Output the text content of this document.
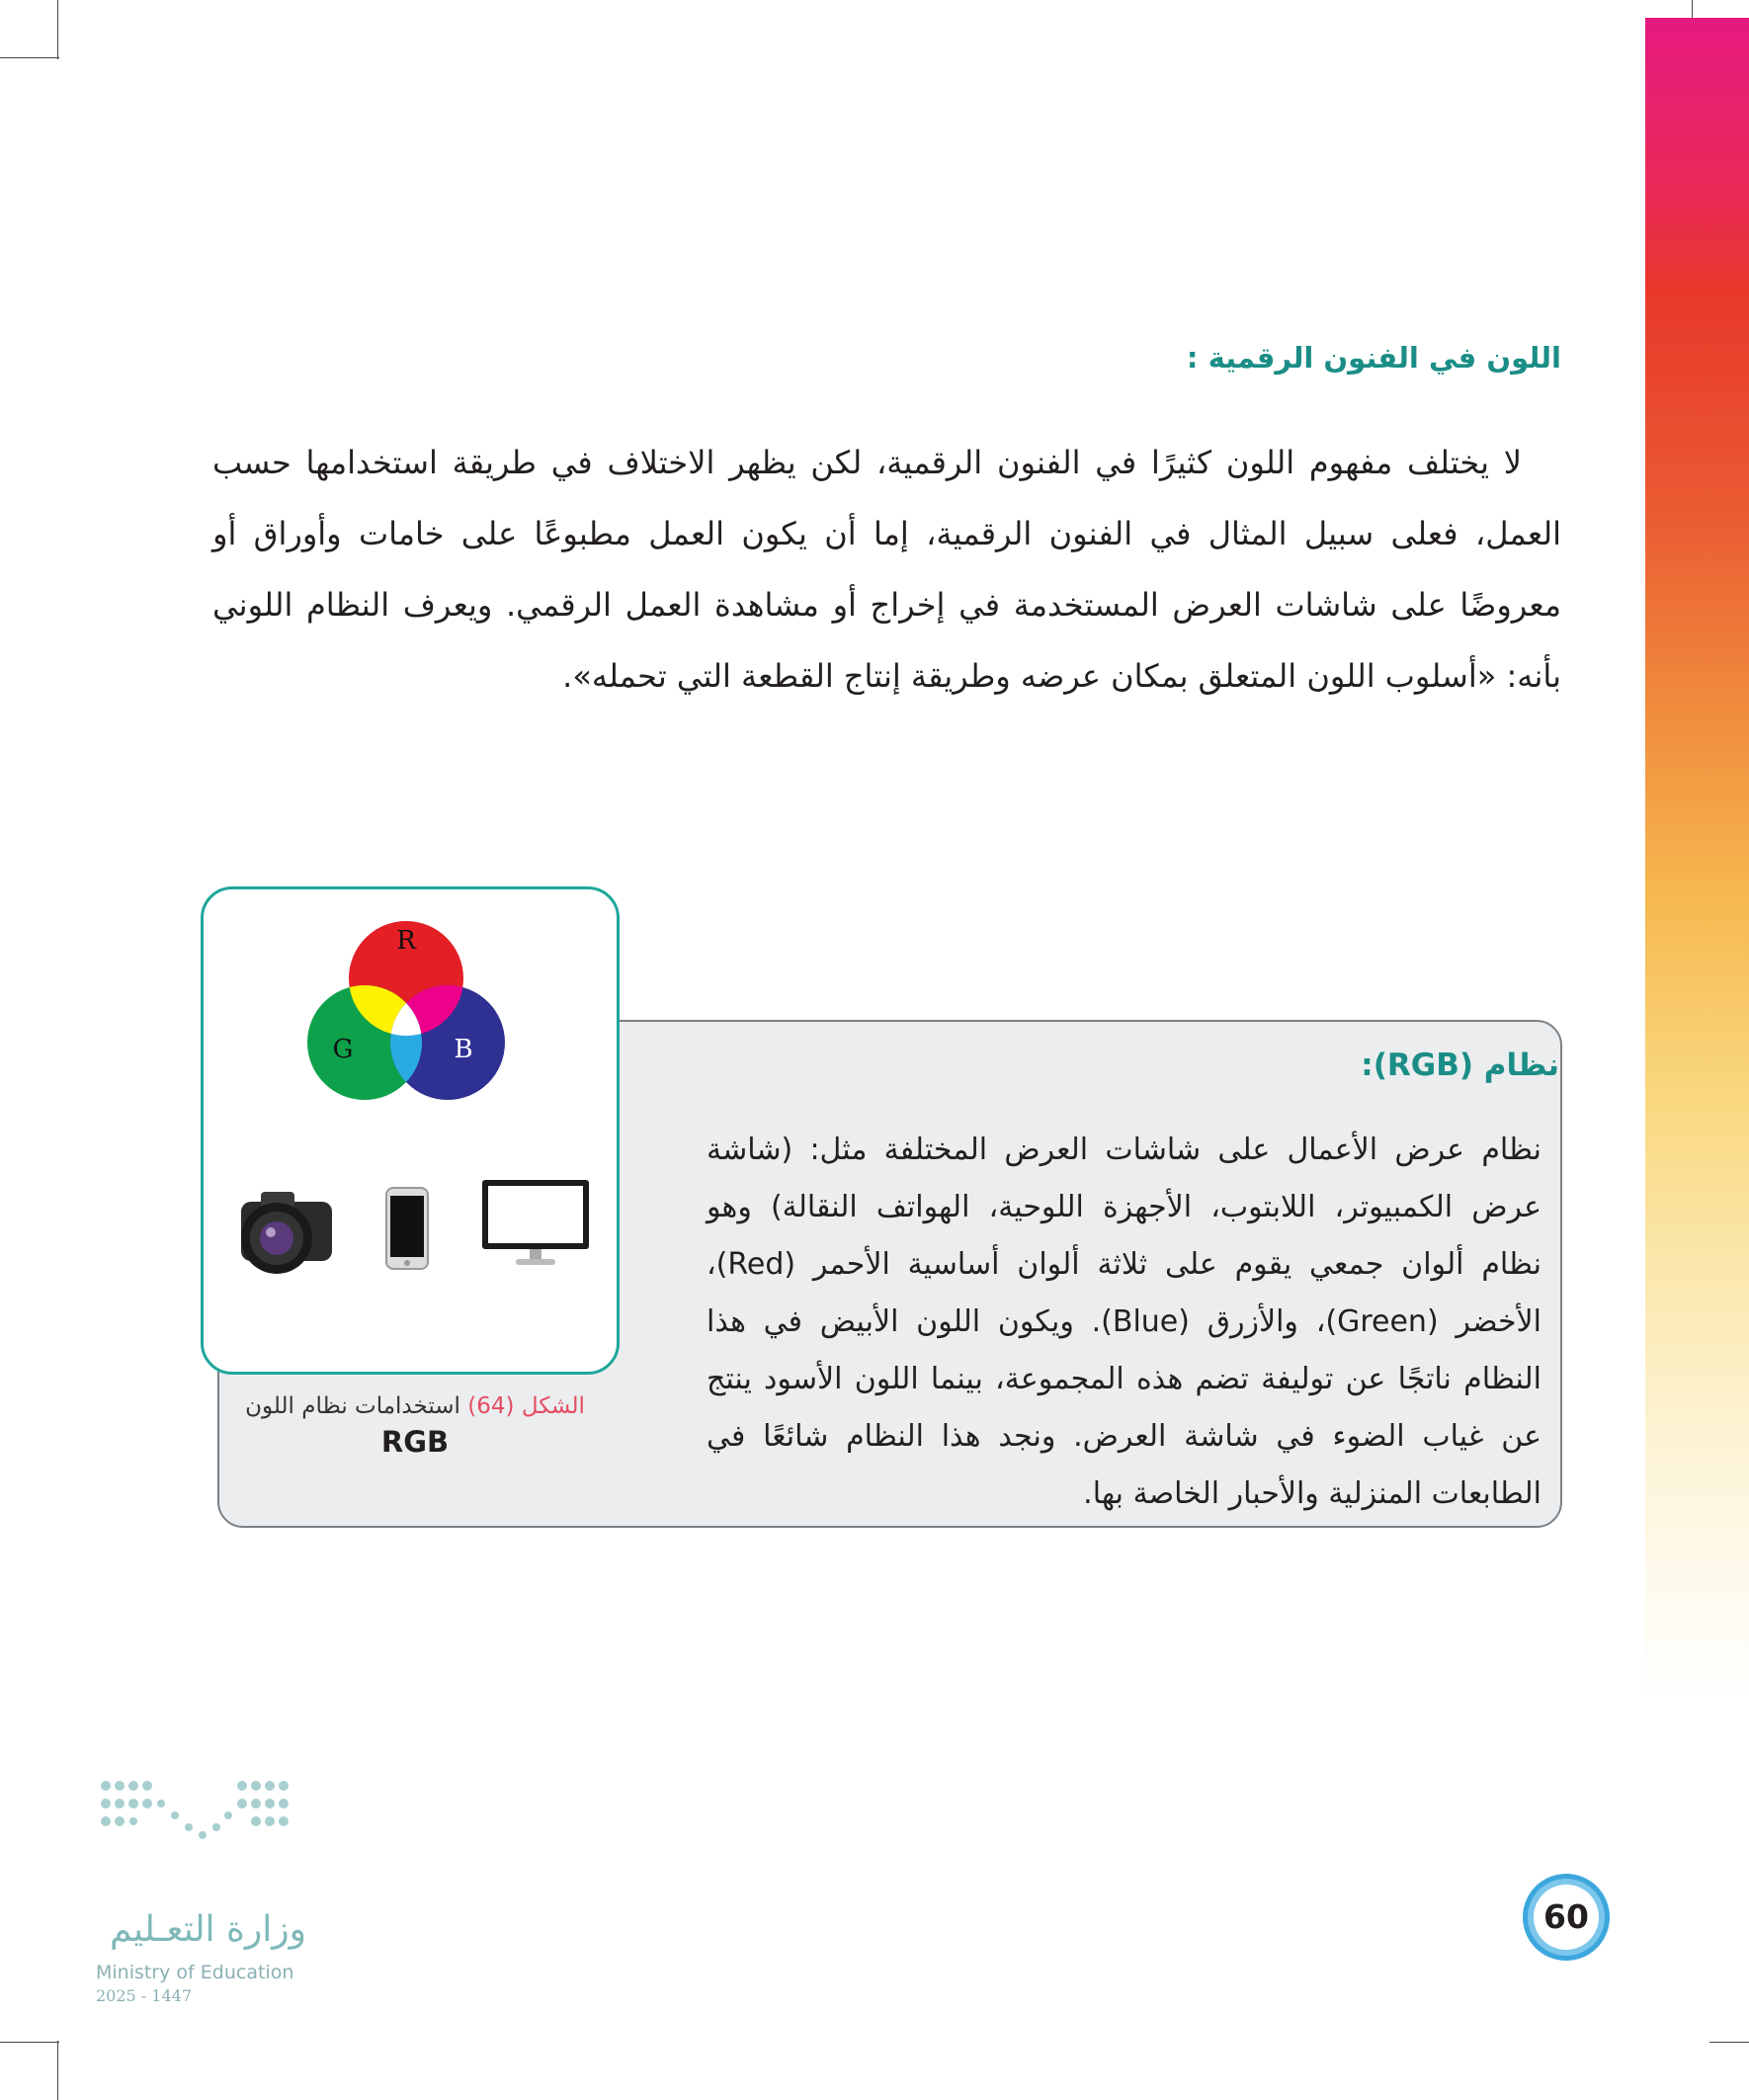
اللون في الفنون الرقمية :

لا يختلف مفهوم اللون كثيرًا في الفنون الرقمية، لكن يظهر الاختلاف في طريقة استخدامها حسب العمل، فعلى سبيل المثال في الفنون الرقمية، إما أن يكون العمل مطبوعًا على خامات وأوراق أو معروضًا على شاشات العرض المستخدمة في إخراج أو مشاهدة العمل الرقمي. ويعرف النظام اللوني بأنه: «أسلوب اللون المتعلق بمكان عرضه وطريقة إنتاج القطعة التي تحمله».

نظام (RGB):

نظام عرض الأعمال على شاشات العرض المختلفة مثل: (شاشة عرض الكمبيوتر، اللابتوب، الأجهزة اللوحية، الهواتف النقالة) وهو نظام ألوان جمعي يقوم على ثلاثة ألوان أساسية الأحمر (Red)، الأخضر (Green)، والأزرق (Blue). ويكون اللون الأبيض في هذا النظام ناتجًا عن توليفة تضم هذه المجموعة، بينما اللون الأسود ينتج عن غياب الضوء في شاشة العرض. ونجد هذا النظام شائعًا في الطابعات المنزلية والأحبار الخاصة بها.

R
G	B

الشكل (64) استخدامات نظام اللون
RGB

60

وزارة التعـليم

Ministry of Education

2025 - 1447
